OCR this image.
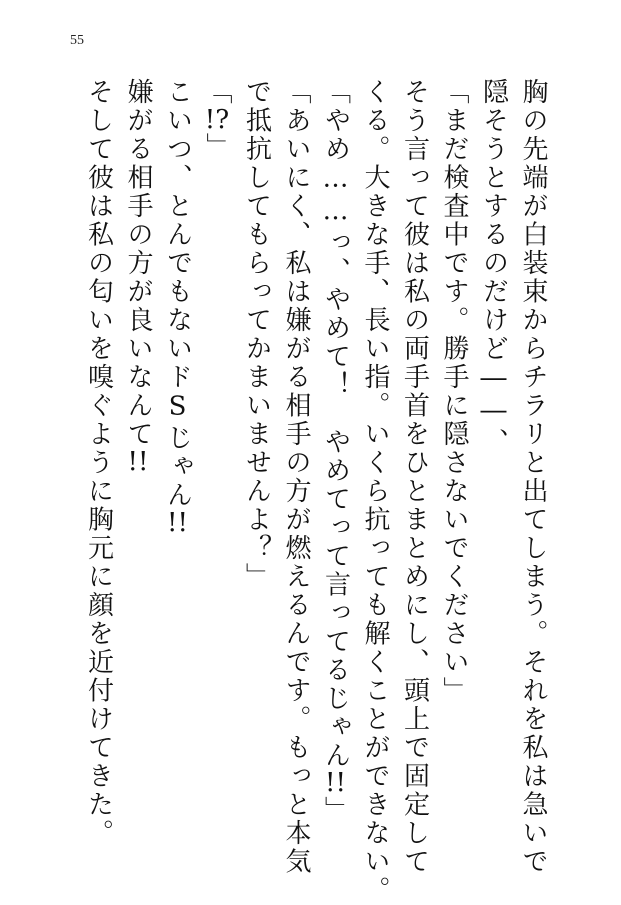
55
胸の先端が白装束からチラリと出てしまう。それを私は急いで
隠そうとするのだけど――、
「まだ検査中です。勝手に隠さないでください」
そう言って彼は私の両手首をひとまとめにし、頭上で固定して
くる。大きな手、長い指。いくら抗っても解くことができない。
「やめ……っ、やめて！　やめてって言ってるじゃん!!」
「あいにく、私は嫌がる相手の方が燃えるんです。もっと本気
で抵抗してもらってかまいませんよ？」
「!?」
こいつ、とんでもないドSじゃん!!
嫌がる相手の方が良いなんて!!
そして彼は私の匂いを嗅ぐように胸元に顔を近付けてきた。
